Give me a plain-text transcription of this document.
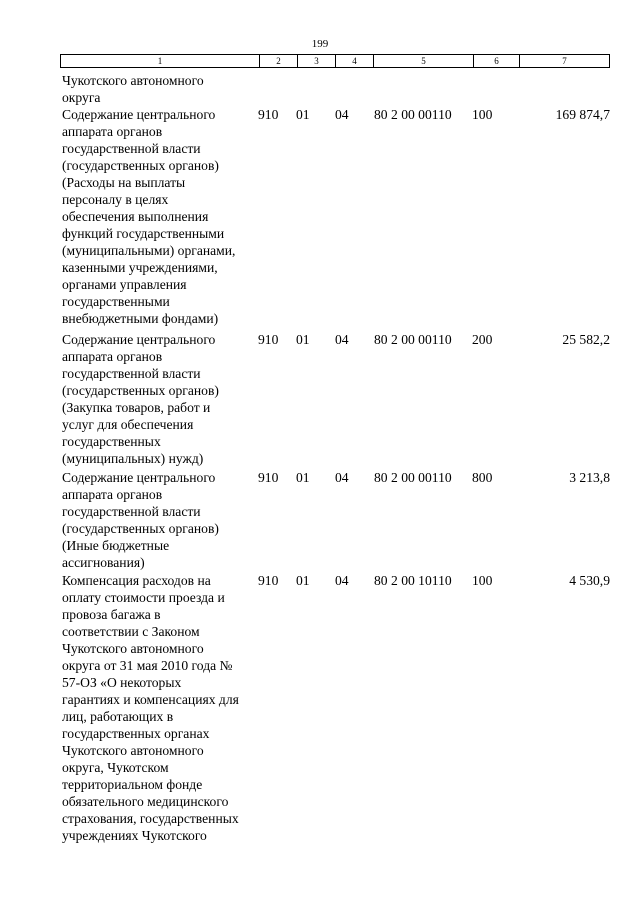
199
1	2	3	4	5	6	7
Чукотского автономного
округа
Содержание центрального
аппарата органов
государственной власти
(государственных органов)
(Расходы на выплаты
персоналу в целях
обеспечения выполнения
функций государственными
(муниципальными) органами,
казенными учреждениями,
органами управления
государственными
внебюджетными фондами)
910 01	04	80 2 00 00110	100	169 874,7
Содержание центрального
аппарата органов
государственной власти
(государственных органов)
(Закупка товаров, работ и
услуг для обеспечения
государственных
(муниципальных) нужд)
910 01	04	80 2 00 00110	200	25 582,2
Содержание центрального
аппарата органов
государственной власти
(государственных органов)
(Иные бюджетные
ассигнования)
910 01	04	80 2 00 00110	800	3 213,8
Компенсация расходов на
оплату стоимости проезда и
провоза багажа в
соответствии с Законом
Чукотского автономного
округа от 31 мая 2010 года №
57-ОЗ «О некоторых
гарантиях и компенсациях для
лиц, работающих в
государственных органах
Чукотского автономного
округа, Чукотском
территориальном фонде
обязательного медицинского
страхования, государственных
учреждениях Чукотского
910 01	04	80 2 00 10110	100	4 530,9
